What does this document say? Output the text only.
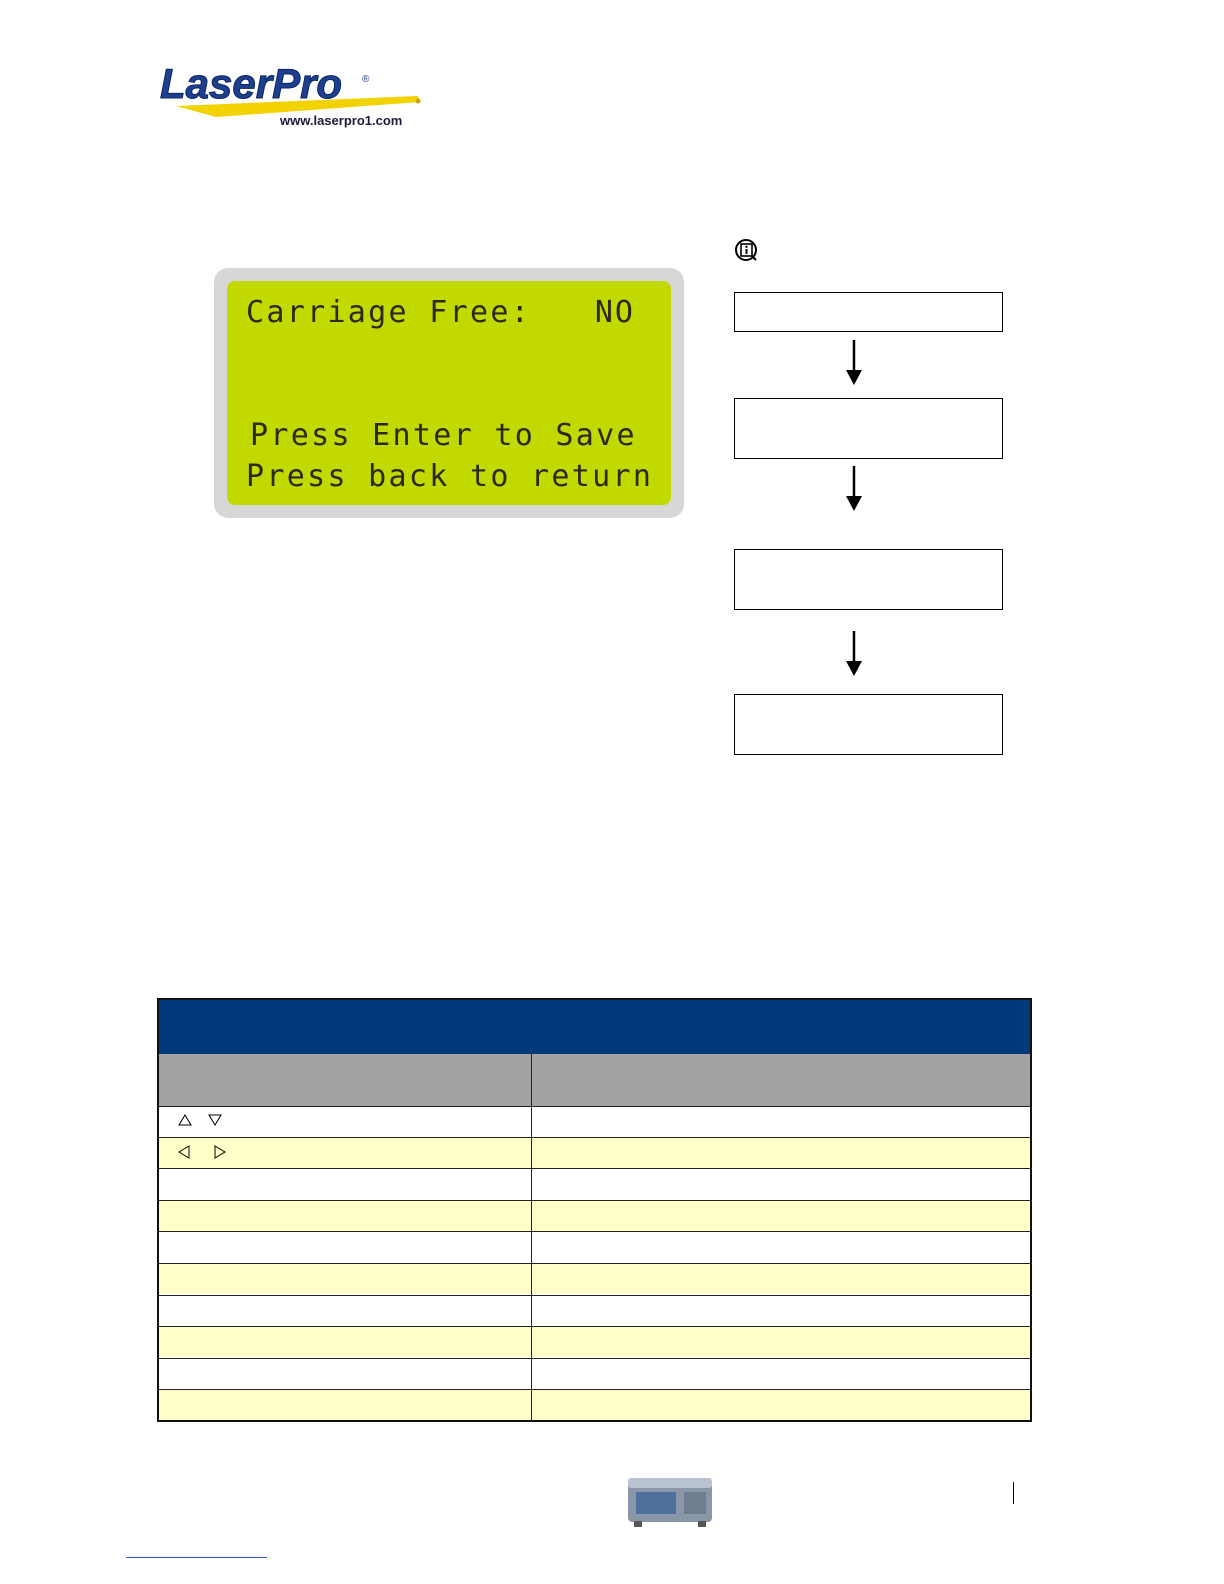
LaserPro ®
www.laserpro1.com
Carriage Free: NO
Press Enter to Save
Press back to return
